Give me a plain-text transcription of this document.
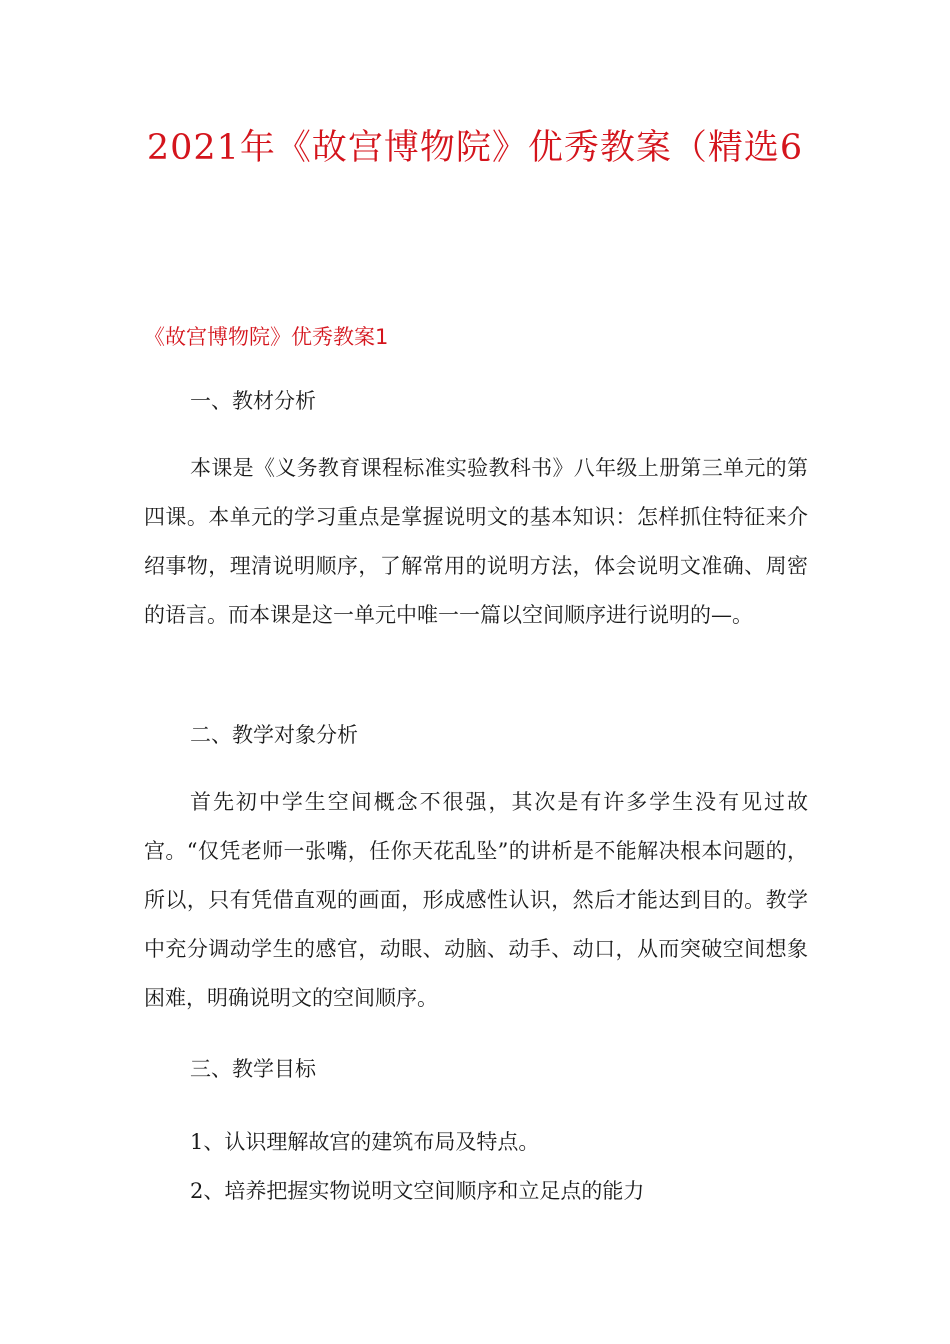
2021年《故宫博物院》优秀教案（精选6
《故宫博物院》优秀教案1
一、教材分析
本课是《义务教育课程标准实验教科书》八年级上册第三单元的第四课。本单元的学习重点是掌握说明文的基本知识：怎样抓住特征来介绍事物，理清说明顺序，了解常用的说明方法，体会说明文准确、周密的语言。而本课是这一单元中唯一一篇以空间顺序进行说明的—。
二、教学对象分析
首先初中学生空间概念不很强，其次是有许多学生没有见过故宫。“仅凭老师一张嘴，任你天花乱坠”的讲析是不能解决根本问题的，所以，只有凭借直观的画面，形成感性认识，然后才能达到目的。教学中充分调动学生的感官，动眼、动脑、动手、动口，从而突破空间想象困难，明确说明文的空间顺序。
三、教学目标
1、认识理解故宫的建筑布局及特点。
2、培养把握实物说明文空间顺序和立足点的能力
